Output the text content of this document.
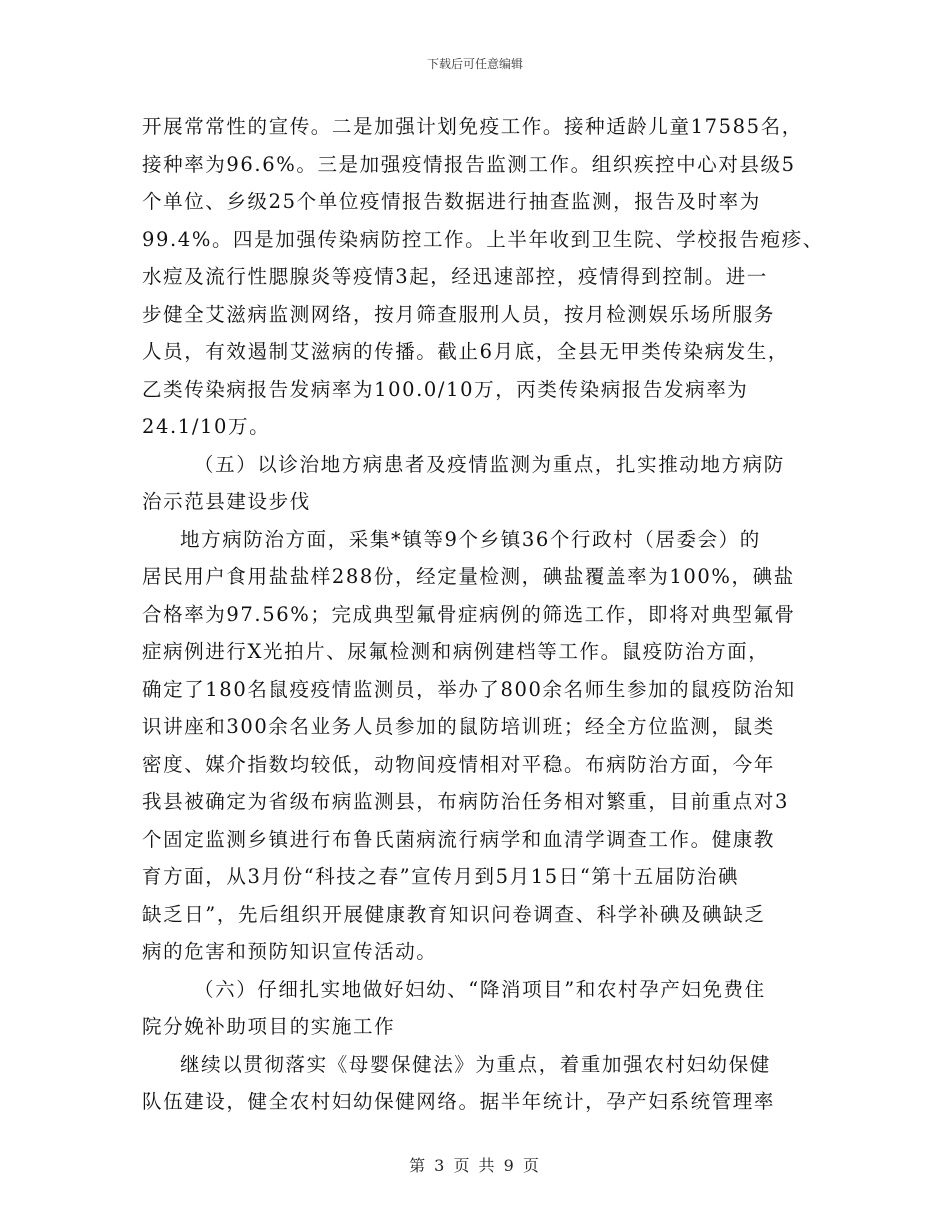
下载后可任意编辑
开展常常性的宣传。二是加强计划免疫工作。接种适龄儿童17585名，
接种率为96.6%。三是加强疫情报告监测工作。组织疾控中心对县级5
个单位、乡级25个单位疫情报告数据进行抽查监测，报告及时率为
99.4%。四是加强传染病防控工作。上半年收到卫生院、学校报告疱疹、
水痘及流行性腮腺炎等疫情3起，经迅速部控，疫情得到控制。进一
步健全艾滋病监测网络，按月筛查服刑人员，按月检测娱乐场所服务
人员，有效遏制艾滋病的传播。截止6月底，全县无甲类传染病发生，
乙类传染病报告发病率为100.0/10万，丙类传染病报告发病率为
24.1/10万。
（五）以诊治地方病患者及疫情监测为重点，扎实推动地方病防
治示范县建设步伐
地方病防治方面，采集*镇等9个乡镇36个行政村（居委会）的
居民用户食用盐盐样288份，经定量检测，碘盐覆盖率为100%，碘盐
合格率为97.56%；完成典型氟骨症病例的筛选工作，即将对典型氟骨
症病例进行X光拍片、尿氟检测和病例建档等工作。鼠疫防治方面，
确定了180名鼠疫疫情监测员，举办了800余名师生参加的鼠疫防治知
识讲座和300余名业务人员参加的鼠防培训班；经全方位监测，鼠类
密度、媒介指数均较低，动物间疫情相对平稳。布病防治方面，今年
我县被确定为省级布病监测县，布病防治任务相对繁重，目前重点对3
个固定监测乡镇进行布鲁氏菌病流行病学和血清学调查工作。健康教
育方面，从3月份“科技之春”宣传月到5月15日“第十五届防治碘
缺乏日”，先后组织开展健康教育知识问卷调查、科学补碘及碘缺乏
病的危害和预防知识宣传活动。
（六）仔细扎实地做好妇幼、“降消项目”和农村孕产妇免费住
院分娩补助项目的实施工作
继续以贯彻落实《母婴保健法》为重点，着重加强农村妇幼保健
队伍建设，健全农村妇幼保健网络。据半年统计，孕产妇系统管理率
第 3 页 共 9 页
